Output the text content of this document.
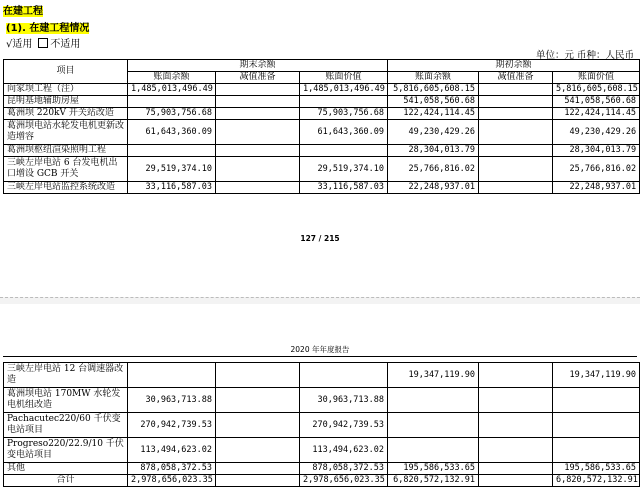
在建工程
(1). 在建工程情况
√适用 不适用
单位：元 币种：人民币
项目	期末余额			期初余额		
	账面余额	减值准备	账面价值	账面余额	减值准备	账面价值
向家坝工程（注）	1,485,013,496.49		1,485,013,496.49	5,816,605,608.15		5,816,605,608.15
昆明基地辅助房屋				541,058,560.68		541,058,560.68
葛洲坝 220kV 开关站改造	75,903,756.68		75,903,756.68	122,424,114.45		122,424,114.45
葛洲坝电站水轮发电机更新改造增容	61,643,360.09		61,643,360.09	49,230,429.26		49,230,429.26
葛洲坝枢纽渲染照明工程				28,304,013.79		28,304,013.79
三峡左岸电站 6 台发电机出口增设 GCB 开关	29,519,374.10		29,519,374.10	25,766,816.02		25,766,816.02
三峡左岸电站监控系统改造	33,116,587.03		33,116,587.03	22,248,937.01		22,248,937.01
127 / 215
2020 年年度报告
三峡左岸电站 12 台调速器改造				19,347,119.90		19,347,119.90
葛洲坝电站 170MW 水轮发电机组改造	30,963,713.88		30,963,713.88			
Pachacutec220/60 千伏变电站项目	270,942,739.53		270,942,739.53			
Progreso220/22.9/10 千伏变电站项目	113,494,623.02		113,494,623.02			
其他	878,058,372.53		878,058,372.53	195,586,533.65		195,586,533.65
合计	2,978,656,023.35		2,978,656,023.35	6,820,572,132.91		6,820,572,132.91
